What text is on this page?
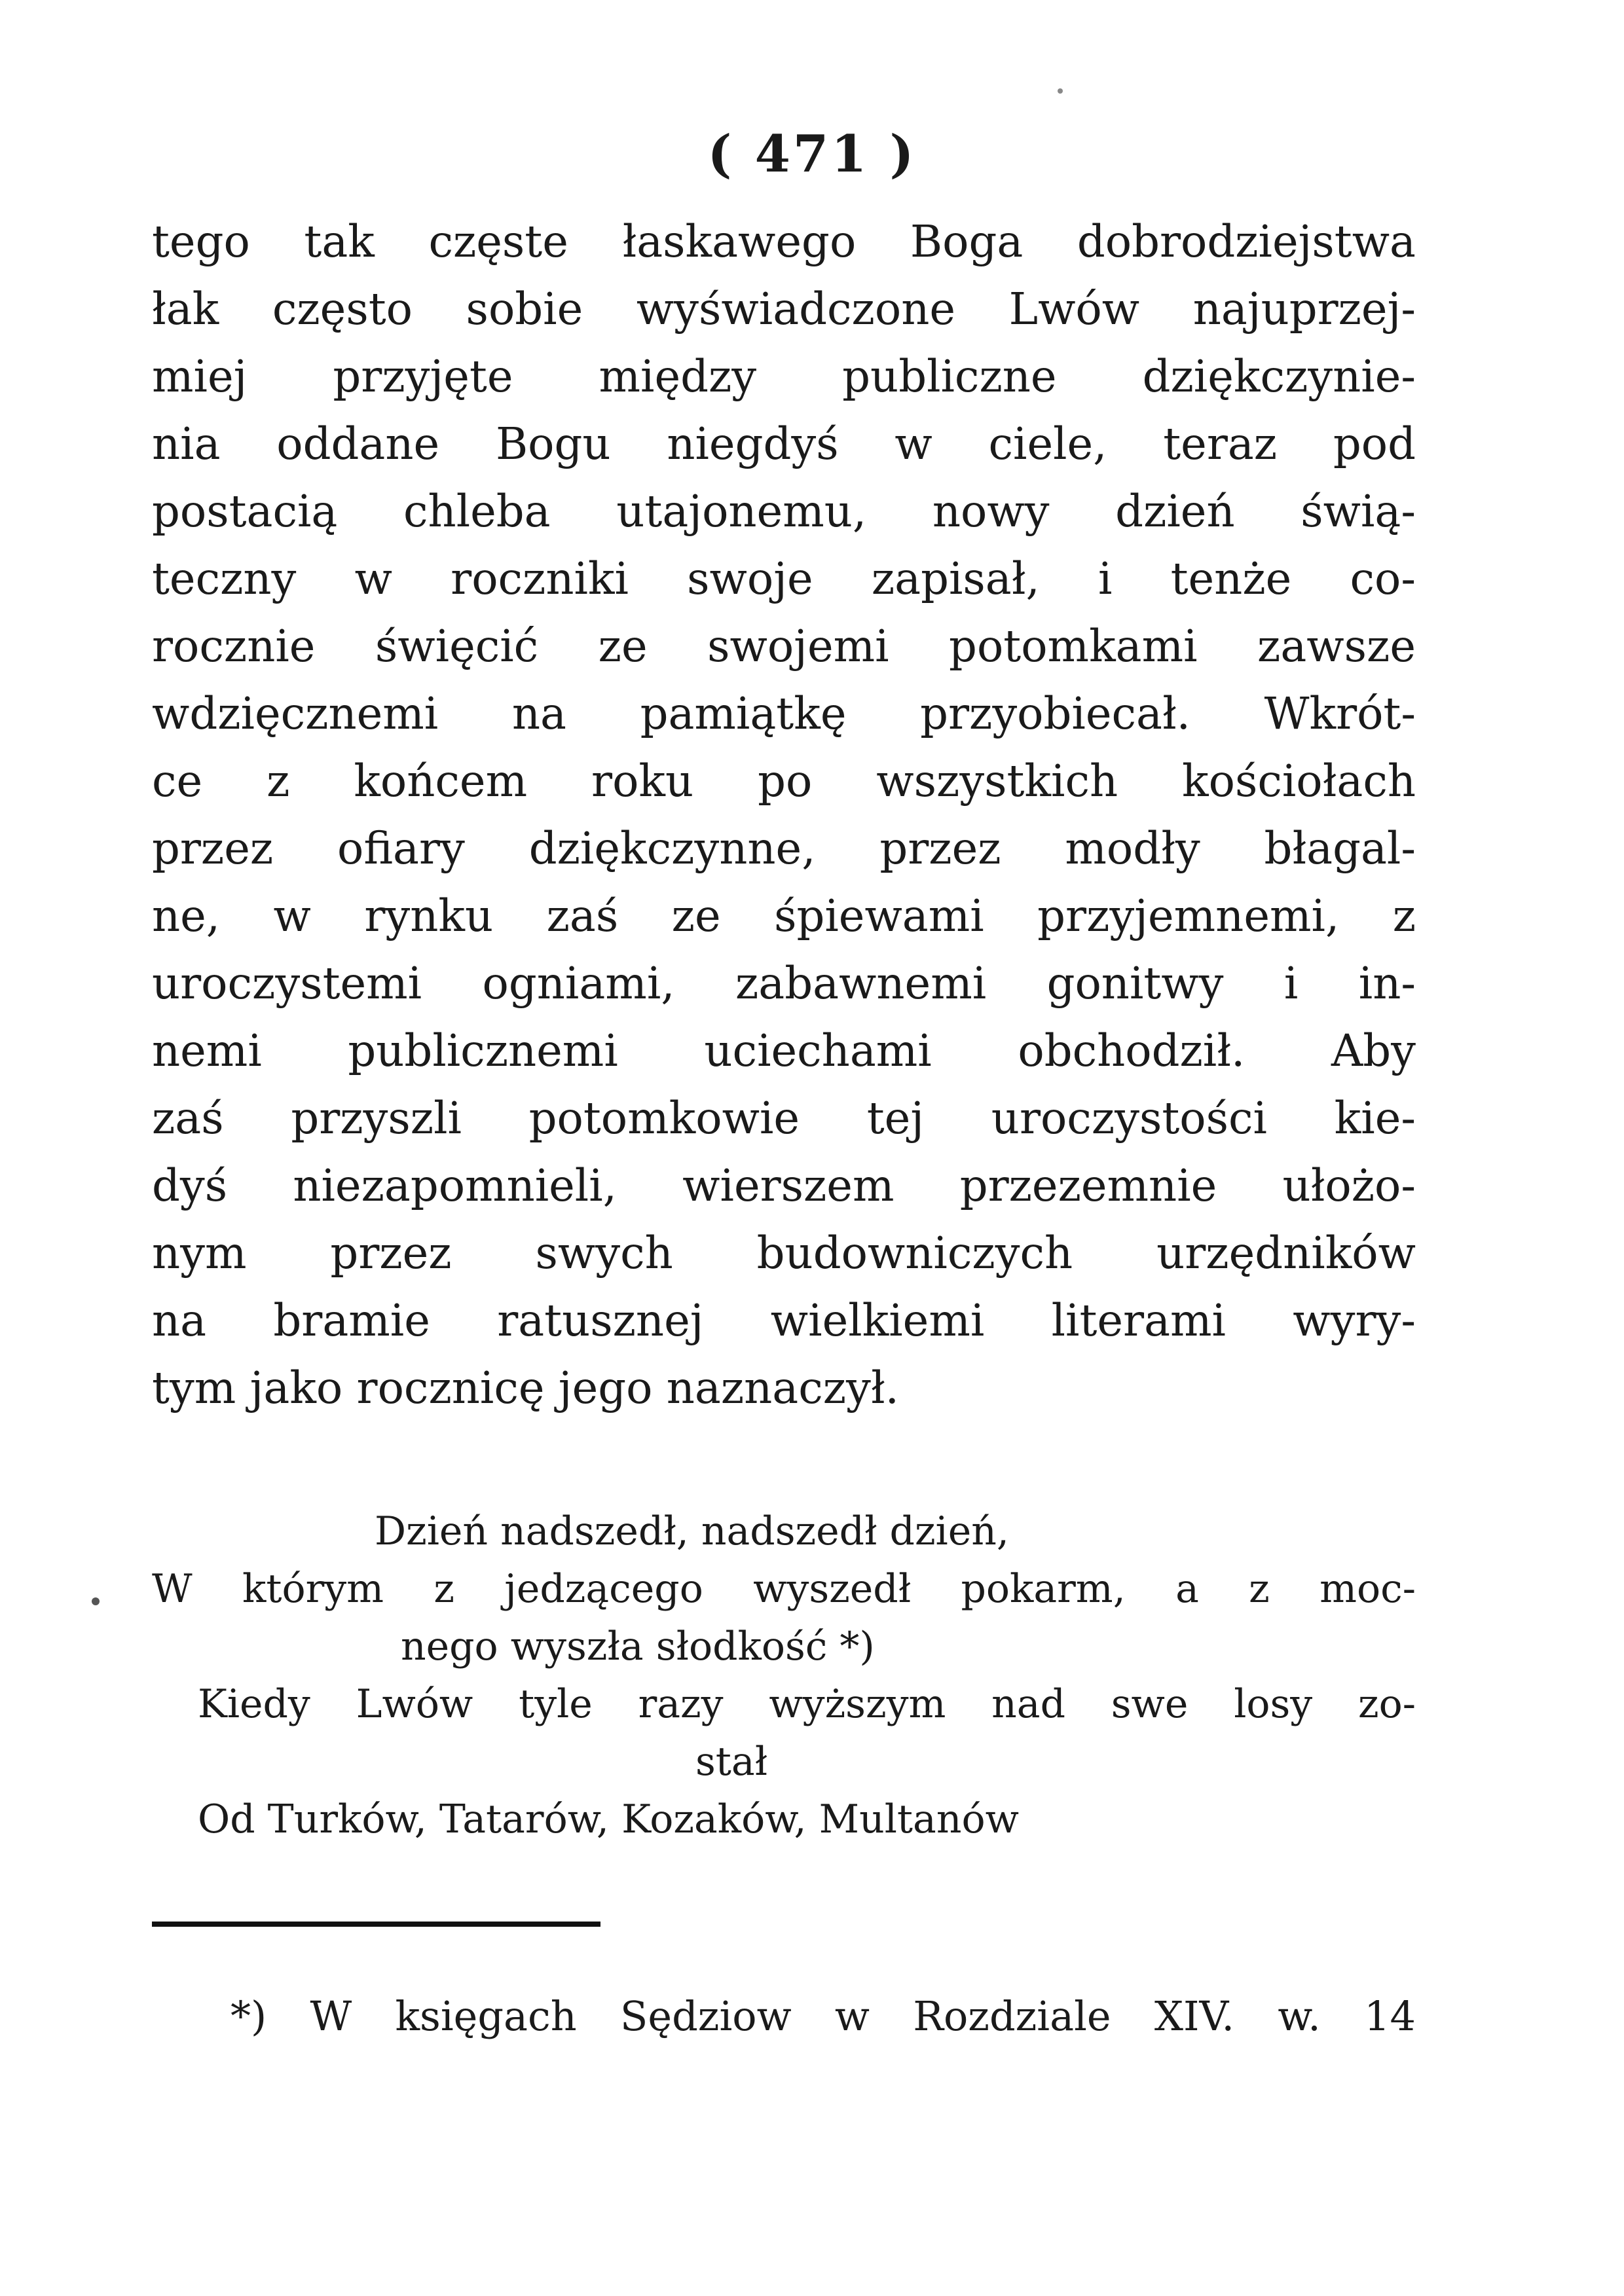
( 471 )
tego tak częste łaskawego Boga dobrodziejstwa
łak często sobie wyświadczone Lwów najuprzej-
miej przyjęte między publiczne dziękczynie-
nia oddane Bogu niegdyś w ciele, teraz pod
postacią chleba utajonemu, nowy dzień świą-
teczny w roczniki swoje zapisał, i tenże co-
rocznie święcić ze swojemi potomkami zawsze
wdzięcznemi na pamiątkę przyobiecał. Wkrót-
ce z końcem roku po wszystkich kościołach
przez ofiary dziękczynne, przez modły błagal-
ne, w rynku zaś ze śpiewami przyjemnemi, z
uroczystemi ogniami, zabawnemi gonitwy i in-
nemi publicznemi uciechami obchodził. Aby
zaś przyszli potomkowie tej uroczystości kie-
dyś niezapomnieli, wierszem przezemnie ułożo-
nym przez swych budowniczych urzędników
na bramie ratusznej wielkiemi literami wyry-
tym jako rocznicę jego naznaczył.
Dzień nadszedł, nadszedł dzień,
W którym z jedzącego wyszedł pokarm, a z moc-
nego wyszła słodkość *)
Kiedy Lwów tyle razy wyższym nad swe losy zo-
stał
Od Turków, Tatarów, Kozaków, Multanów
*) W księgach Sędziow w Rozdziale XIV. w. 14
